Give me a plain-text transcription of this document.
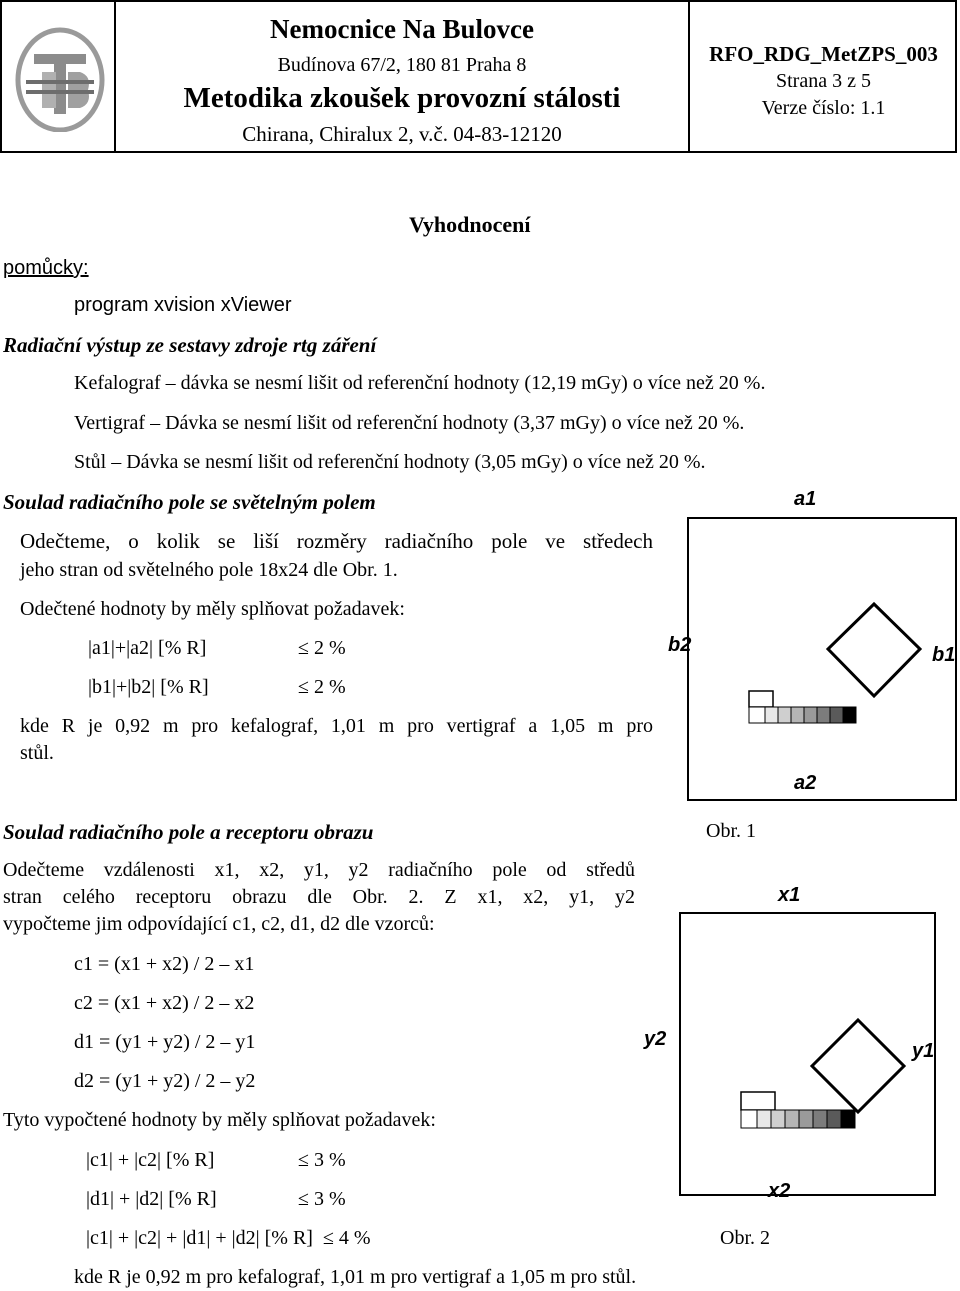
Nemocnice Na Bulovce
Budínova 67/2, 180 81 Praha 8
Metodika zkoušek provozní stálosti
Chirana, Chiralux 2, v.č. 04-83-12120
RFO_RDG_MetZPS_003
Strana 3 z 5
Verze číslo: 1.1
Vyhodnocení
pomůcky:
program xvision xViewer
Radiační výstup ze sestavy zdroje rtg záření
Kefalograf – dávka se nesmí lišit od referenční hodnoty (12,19 mGy) o více než 20 %.
Vertigraf – Dávka se nesmí lišit od referenční hodnoty (3,37 mGy) o více než 20 %.
Stůl – Dávka se nesmí lišit od referenční hodnoty (3,05 mGy) o více než 20 %.
Soulad radiačního pole se světelným polem
Odečteme, o kolik se liší rozměry radiačního pole ve středech
jeho stran od světelného pole 18x24 dle Obr. 1.
Odečtené hodnoty by měly splňovat požadavek:
|a1|+|a2| [% R]	≤ 2 %
|b1|+|b2| [% R]	≤ 2 %
kde R je 0,92 m pro kefalograf, 1,01 m pro vertigraf a 1,05 m pro
stůl.
a1
a2
b2	b1
Obr. 1
Soulad radiačního pole a receptoru obrazu
Odečteme vzdálenosti x1, x2, y1, y2 radiačního pole od středů
stran celého receptoru obrazu dle Obr. 2. Z x1, x2, y1, y2
vypočteme jim odpovídající c1, c2, d1, d2 dle vzorců:
c1 = (x1 + x2) / 2 – x1
c2 = (x1 + x2) / 2 – x2
d1 = (y1 + y2) / 2 – y1
d2 = (y1 + y2) / 2 – y2
Tyto vypočtené hodnoty by měly splňovat požadavek:
|c1| + |c2| [% R]	≤ 3 %
|d1| + |d2| [% R]	≤ 3 %
|c1| + |c2| + |d1| + |d2| [% R]  ≤ 4 %	Obr. 2
kde R je 0,92 m pro kefalograf, 1,01 m pro vertigraf a 1,05 m pro stůl.
x1
x2
y2
y1
